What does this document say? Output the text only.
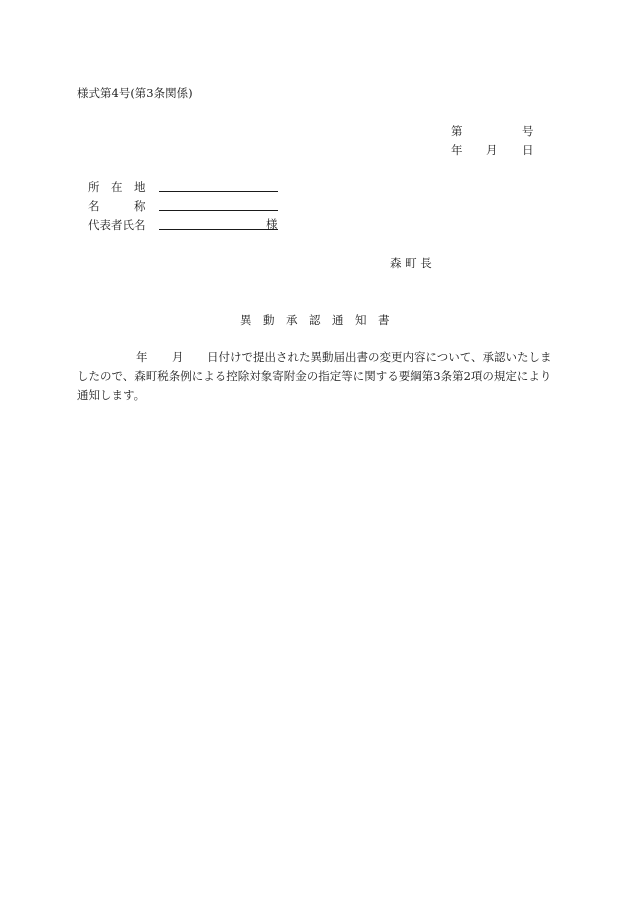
様式第4号(第3条関係)
第	号
年 月 日
所　在　地
名　　　称
代表者氏名	様
森 町 長
異　動　承　認　通　知　書
年 月 日付けで提出された異動届出書の変更内容について、承認いたしま
したので、森町税条例による控除対象寄附金の指定等に関する要綱第3条第2項の規定により
通知します。
